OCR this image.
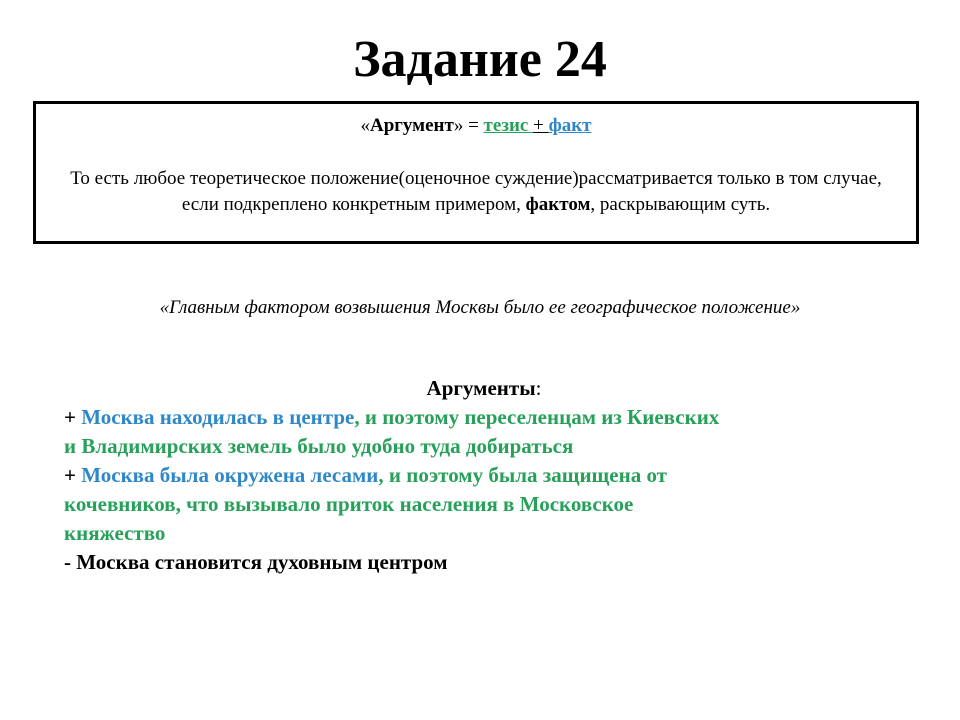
Задание 24
«Аргумент» = тезис + факт
То есть любое теоретическое положение(оценочное суждение)рассматривается только в том случае, если подкреплено конкретным примером, фактом, раскрывающим суть.
«Главным фактором возвышения Москвы было ее географическое положение»
Аргументы:
+ Москва находилась в центре, и поэтому переселенцам из Киевских
и Владимирских земель было удобно туда добираться
+ Москва была окружена лесами, и поэтому была защищена от
кочевников, что вызывало приток населения в Московское
княжество
- Москва становится духовным центром
